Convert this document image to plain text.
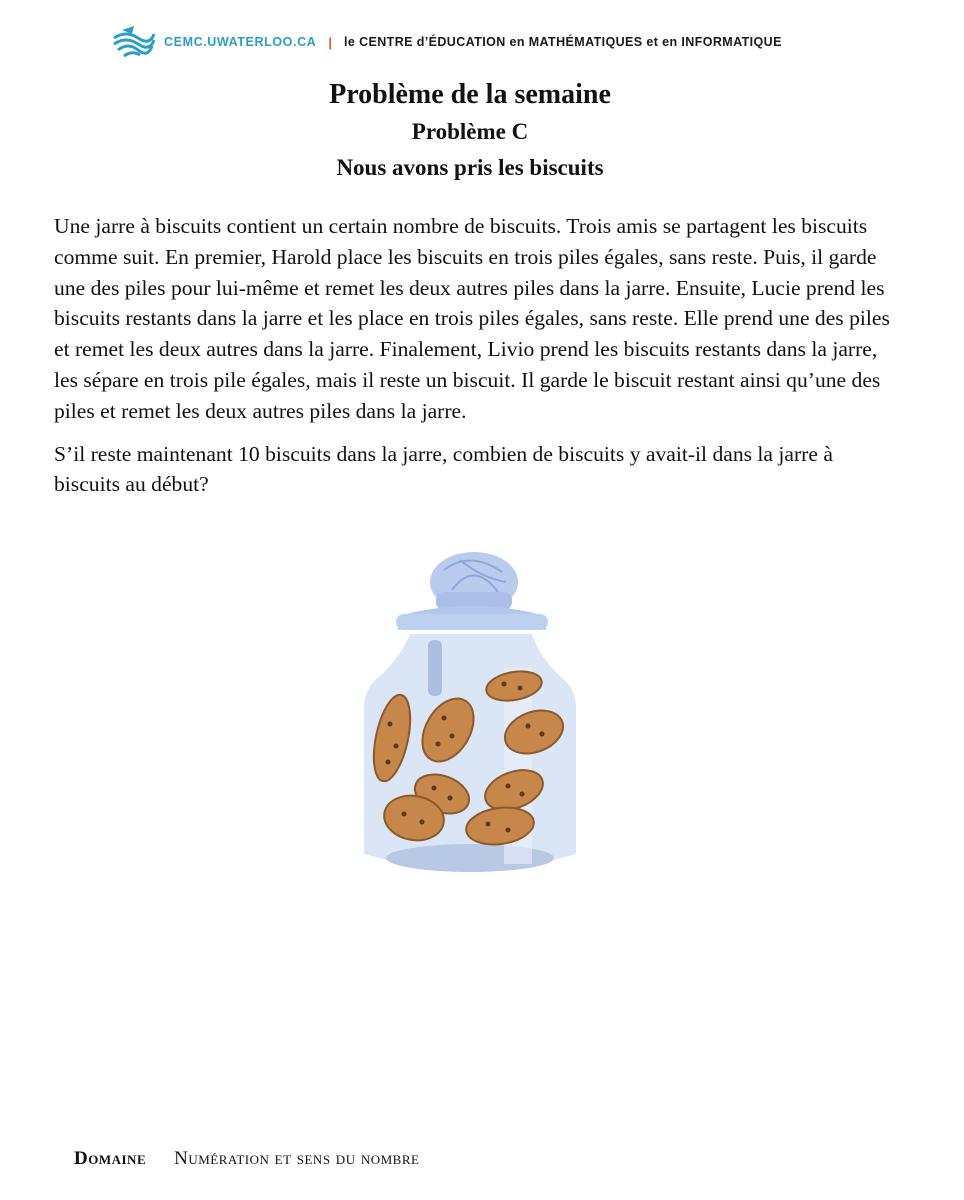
CEMC.UWATERLOO.CA | le CENTRE d’ÉDUCATION en MATHÉMATIQUES et en INFORMATIQUE

Problème de la semaine

Problème C

Nous avons pris les biscuits

Une jarre à biscuits contient un certain nombre de biscuits. Trois amis se partagent les biscuits comme suit. En premier, Harold place les biscuits en trois piles égales, sans reste. Puis, il garde une des piles pour lui-même et remet les deux autres piles dans la jarre. Ensuite, Lucie prend les biscuits restants dans la jarre et les place en trois piles égales, sans reste. Elle prend une des piles et remet les deux autres dans la jarre. Finalement, Livio prend les biscuits restants dans la jarre, les sépare en trois pile égales, mais il reste un biscuit. Il garde le biscuit restant ainsi qu’une des piles et remet les deux autres piles dans la jarre.

S’il reste maintenant 10 biscuits dans la jarre, combien de biscuits y avait-il dans la jarre à biscuits au début?

Domaine Numération et sens du nombre
